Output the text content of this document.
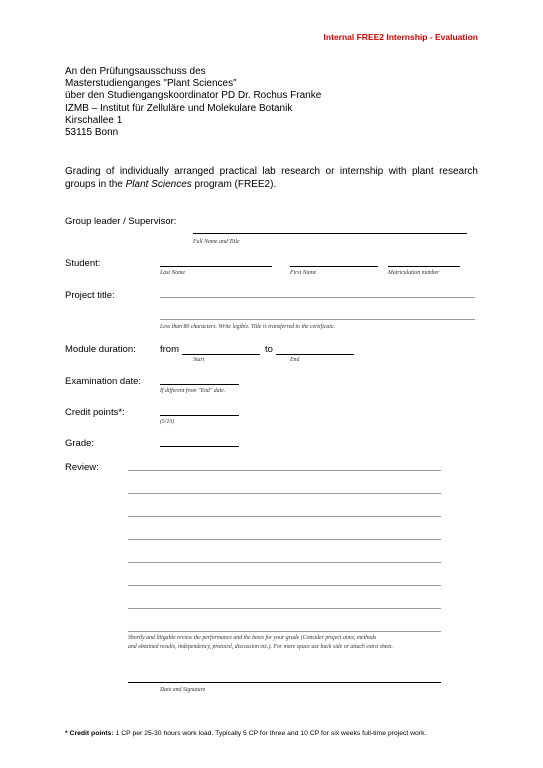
Internal FREE2 Internship - Evaluation
An den Prüfungsausschuss des
Masterstudienganges "Plant Sciences"
über den Studiengangskoordinator PD Dr. Rochus Franke
IZMB – Institut für Zelluläre und Molekulare Botanik
Kirschallee 1
53115 Bonn
Grading of individually arranged practical lab research or internship with plant research groups in the Plant Sciences program (FREE2).
Group leader / Supervisor:
Full Name and Title
Student:
Last Name	First Name	Matriculation number
Project title:
Less than 80 characters. Write legible. Title is transferred to the certificate.
Module duration:	from	to
Start	End
Examination date:
If different from "End" date.
Credit points*:
(5/10)
Grade:
Review:
Shortly and litigable review the performance and the basis for your grade (Consider project aims, methods
and obtained results, independency, protocol, discussion etc.). For more space use back side or attach extra sheet.
Date and Signature
* Credit points: 1 CP per 25-30 hours work load. Typically 5 CP for three and 10 CP for six weeks full-time project work.
